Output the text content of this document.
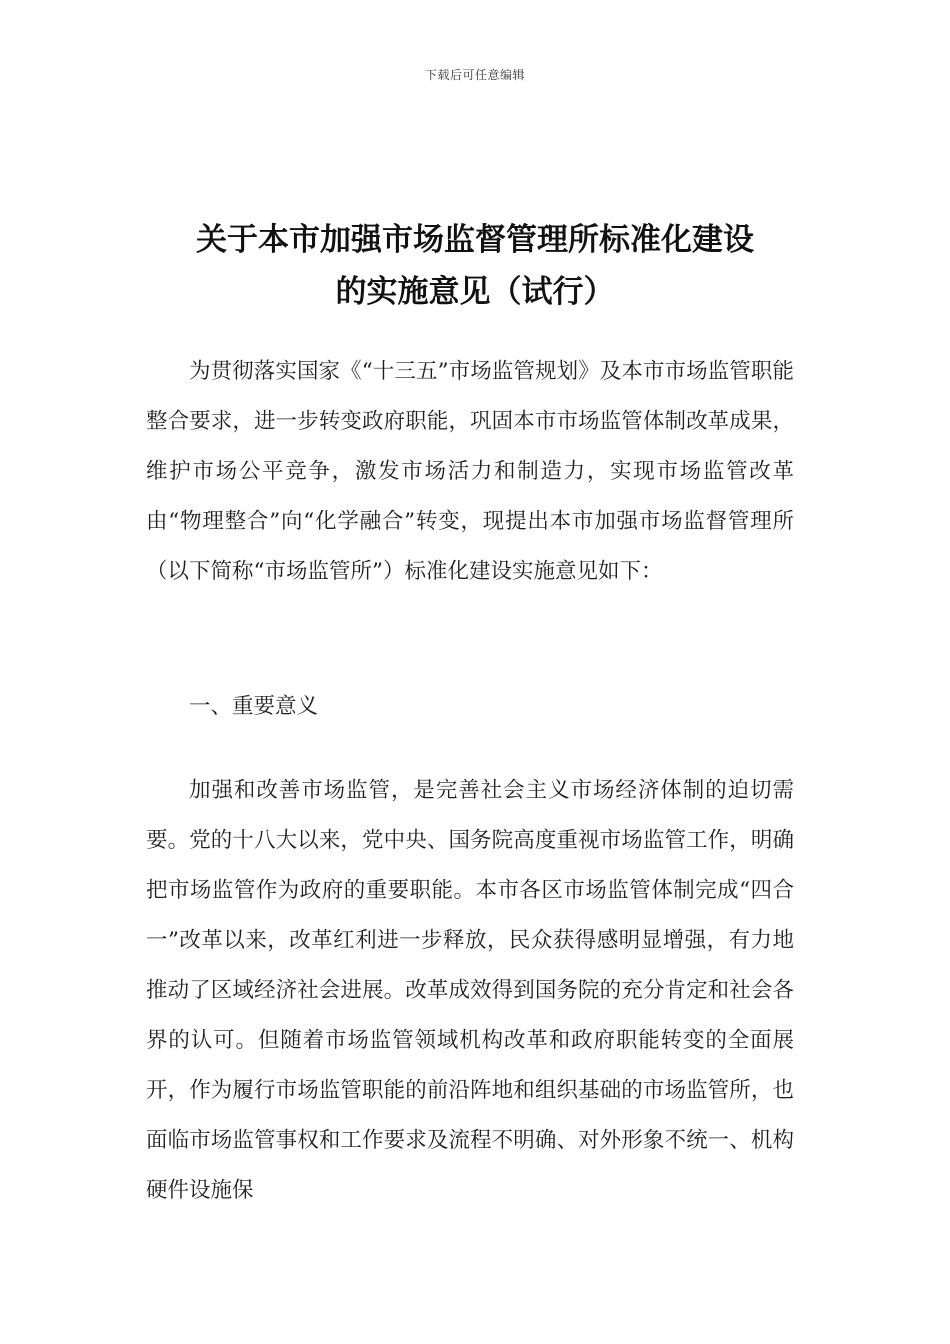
下载后可任意编辑
关于本市加强市场监督管理所标准化建设
的实施意见（试行）

为贯彻落实国家《“十三五”市场监管规划》及本市市场监管职能整合要求，进一步转变政府职能，巩固本市市场监管体制改革成果，维护市场公平竞争，激发市场活力和制造力，实现市场监管改革由“物理整合”向“化学融合”转变，现提出本市加强市场监督管理所（以下简称“市场监管所”）标准化建设实施意见如下：

一、重要意义

加强和改善市场监管，是完善社会主义市场经济体制的迫切需要。党的十八大以来，党中央、国务院高度重视市场监管工作，明确把市场监管作为政府的重要职能。本市各区市场监管体制完成“四合一”改革以来，改革红利进一步释放，民众获得感明显增强，有力地推动了区域经济社会进展。改革成效得到国务院的充分肯定和社会各界的认可。但随着市场监管领域机构改革和政府职能转变的全面展开，作为履行市场监管职能的前沿阵地和组织基础的市场监管所，也面临市场监管事权和工作要求及流程不明确、对外形象不统一、机构硬件设施保
